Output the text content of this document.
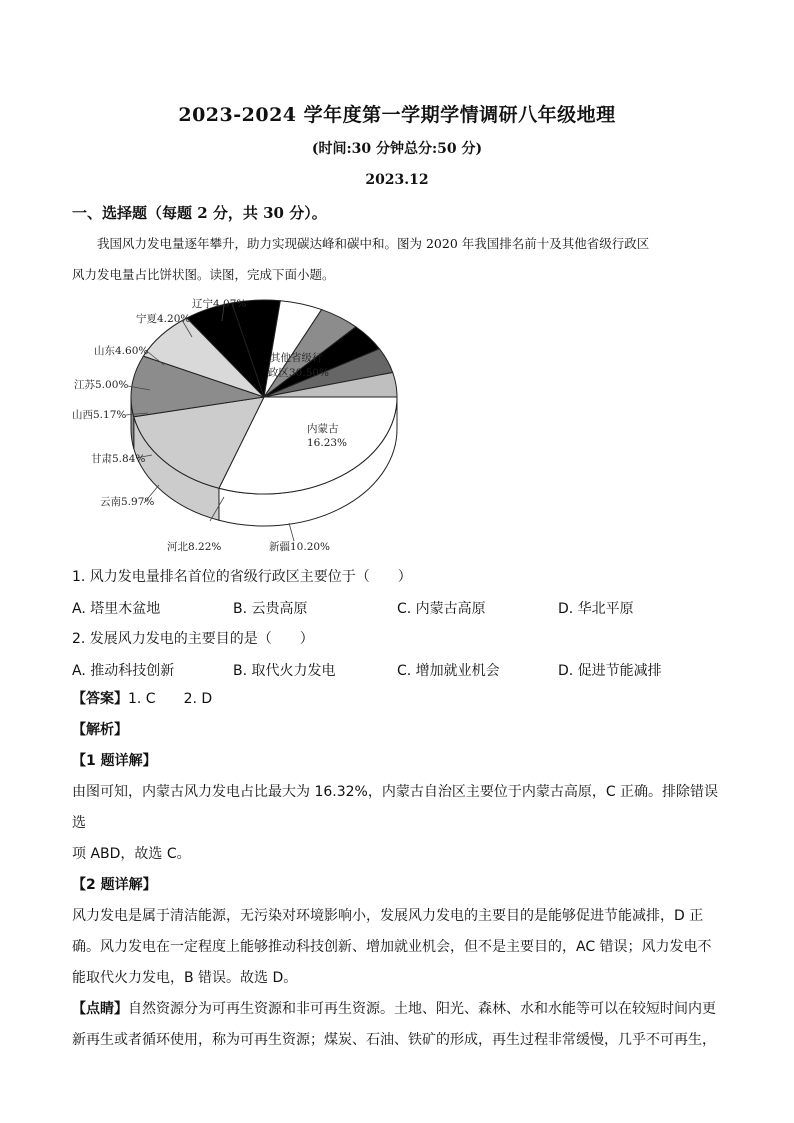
2023-2024 学年度第一学期学情调研八年级地理
(时间:30 分钟总分:50 分)
2023.12
一、选择题（每题 2 分，共 30 分）。

我国风力发电量逐年攀升，助力实现碳达峰和碳中和。图为 2020 年我国排名前十及其他省级行政区

风力发电量占比饼状图。读图，完成下面小题。

其他省级行
政区30.50%
内蒙古
16.23%
新疆10.20%
河北8.22%
云南5.97%
甘肃5.84%
山西5.17%
江苏5.00%
山东4.60%
宁夏4.20%
辽宁4.07%
1. 风力发电量排名首位的省级行政区主要位于（　　）
A. 塔里木盆地	B. 云贵高原	C. 内蒙古高原	D. 华北平原
2. 发展风力发电的主要目的是（　　）
A. 推动科技创新	B. 取代火力发电	C. 增加就业机会	D. 促进节能减排

【答案】1. C　　2. D

【解析】

【1 题详解】

由图可知，内蒙古风力发电占比最大为 16.32%，内蒙古自治区主要位于内蒙古高原，C 正确。排除错误选

项 ABD，故选 C。

【2 题详解】

风力发电是属于清洁能源，无污染对环境影响小，发展风力发电的主要目的是能够促进节能减排，D 正

确。风力发电在一定程度上能够推动科技创新、增加就业机会，但不是主要目的，AC 错误；风力发电不

能取代火力发电，B 错误。故选 D。

【点睛】自然资源分为可再生资源和非可再生资源。土地、阳光、森林、水和水能等可以在较短时间内更

新再生或者循环使用，称为可再生资源；煤炭、石油、铁矿的形成，再生过程非常缓慢，几乎不可再生，
